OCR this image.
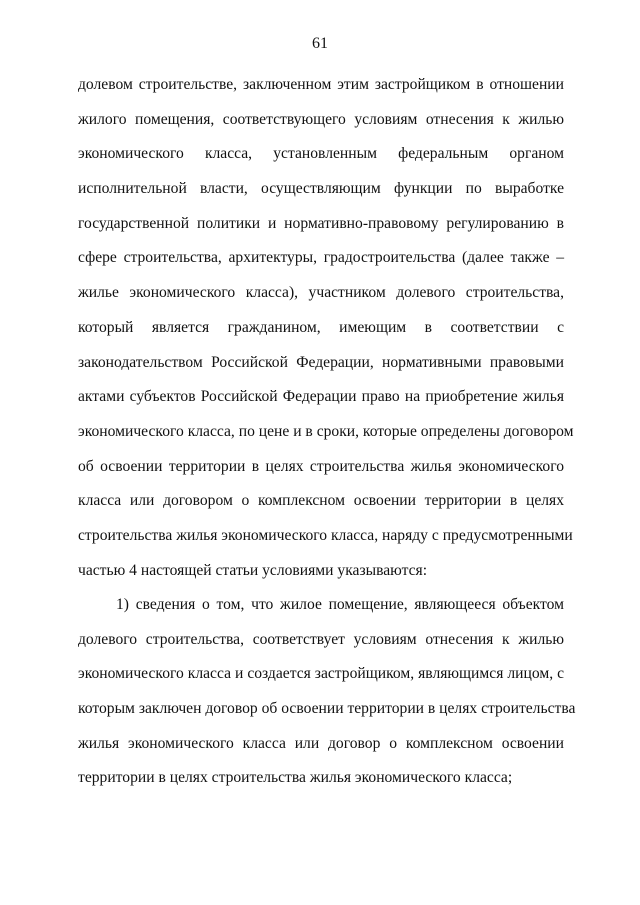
61
долевом строительстве, заключенном этим застройщиком в отношении
жилого помещения, соответствующего условиям отнесения к жилью
экономического класса, установленным федеральным органом
исполнительной власти, осуществляющим функции по выработке
государственной политики и нормативно-правовому регулированию в
сфере строительства, архитектуры, градостроительства (далее также –
жилье экономического класса), участником долевого строительства,
который является гражданином, имеющим в соответствии с
законодательством Российской Федерации, нормативными правовыми
актами субъектов Российской Федерации право на приобретение жилья
экономического класса, по цене и в сроки, которые определены договором
об освоении территории в целях строительства жилья экономического
класса или договором о комплексном освоении территории в целях
строительства жилья экономического класса, наряду с предусмотренными
частью 4 настоящей статьи условиями указываются:
1) сведения о том, что жилое помещение, являющееся объектом
долевого строительства, соответствует условиям отнесения к жилью
экономического класса и создается застройщиком, являющимся лицом, с
которым заключен договор об освоении территории в целях строительства
жилья экономического класса или договор о комплексном освоении
территории в целях строительства жилья экономического класса;
